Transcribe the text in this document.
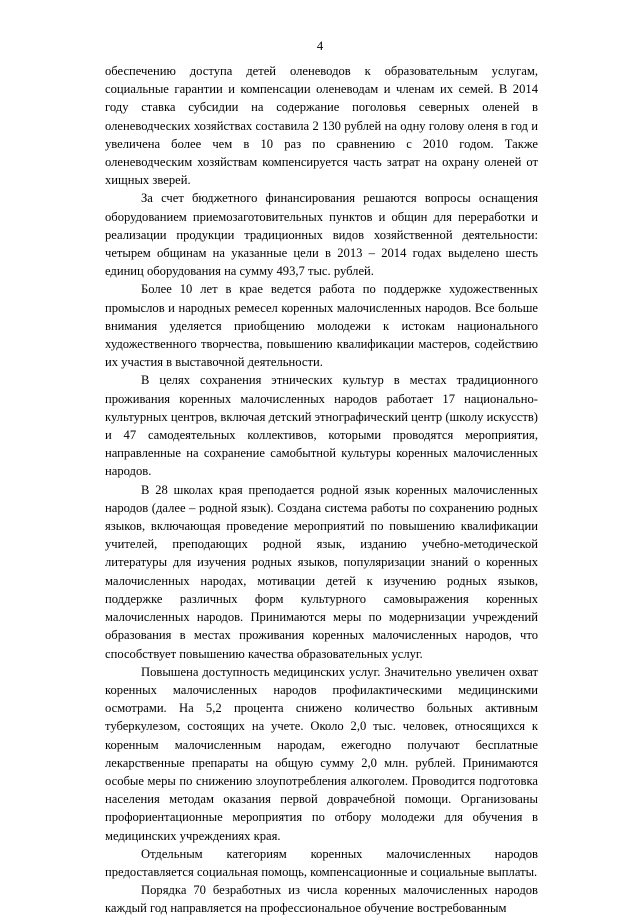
4

обеспечению доступа детей оленеводов к образовательным услугам, социальные гарантии и компенсации оленеводам и членам их семей. В 2014 году ставка субсидии на содержание поголовья северных оленей в оленеводческих хозяйствах составила 2 130 рублей на одну голову оленя в год и увеличена более чем в 10 раз по сравнению с 2010 годом. Также оленеводческим хозяйствам компенсируется часть затрат на охрану оленей от хищных зверей.

За счет бюджетного финансирования решаются вопросы оснащения оборудованием приемозаготовительных пунктов и общин для переработки и реализации продукции традиционных видов хозяйственной деятельности: четырем общинам на указанные цели в 2013 – 2014 годах выделено шесть единиц оборудования на сумму 493,7 тыс. рублей.

Более 10 лет в крае ведется работа по поддержке художественных промыслов и народных ремесел коренных малочисленных народов. Все больше внимания уделяется приобщению молодежи к истокам национального художественного творчества, повышению квалификации мастеров, содействию их участия в выставочной деятельности.

В целях сохранения этнических культур в местах традиционного проживания коренных малочисленных народов работает 17 национально-культурных центров, включая детский этнографический центр (школу искусств) и 47 самодеятельных коллективов, которыми проводятся мероприятия, направленные на сохранение самобытной культуры коренных малочисленных народов.

В 28 школах края преподается родной язык коренных малочисленных народов (далее – родной язык). Создана система работы по сохранению родных языков, включающая проведение мероприятий по повышению квалификации учителей, преподающих родной язык, изданию учебно-методической литературы для изучения родных языков, популяризации знаний о коренных малочисленных народах, мотивации детей к изучению родных языков, поддержке различных форм культурного самовыражения коренных малочисленных народов. Принимаются меры по модернизации учреждений образования в местах проживания коренных малочисленных народов, что способствует повышению качества образовательных услуг.

Повышена доступность медицинских услуг. Значительно увеличен охват коренных малочисленных народов профилактическими медицинскими осмотрами. На 5,2 процента снижено количество больных активным туберкулезом, состоящих на учете. Около 2,0 тыс. человек, относящихся к коренным малочисленным народам, ежегодно получают бесплатные лекарственные препараты на общую сумму 2,0 млн. рублей. Принимаются особые меры по снижению злоупотребления алкоголем. Проводится подготовка населения методам оказания первой доврачебной помощи. Организованы профориентационные мероприятия по отбору молодежи для обучения в медицинских учреждениях края.

Отдельным категориям коренных малочисленных народов предоставляется социальная помощь, компенсационные и социальные выплаты.

Порядка 70 безработных из числа коренных малочисленных народов каждый год направляется на профессиональное обучение востребованным
